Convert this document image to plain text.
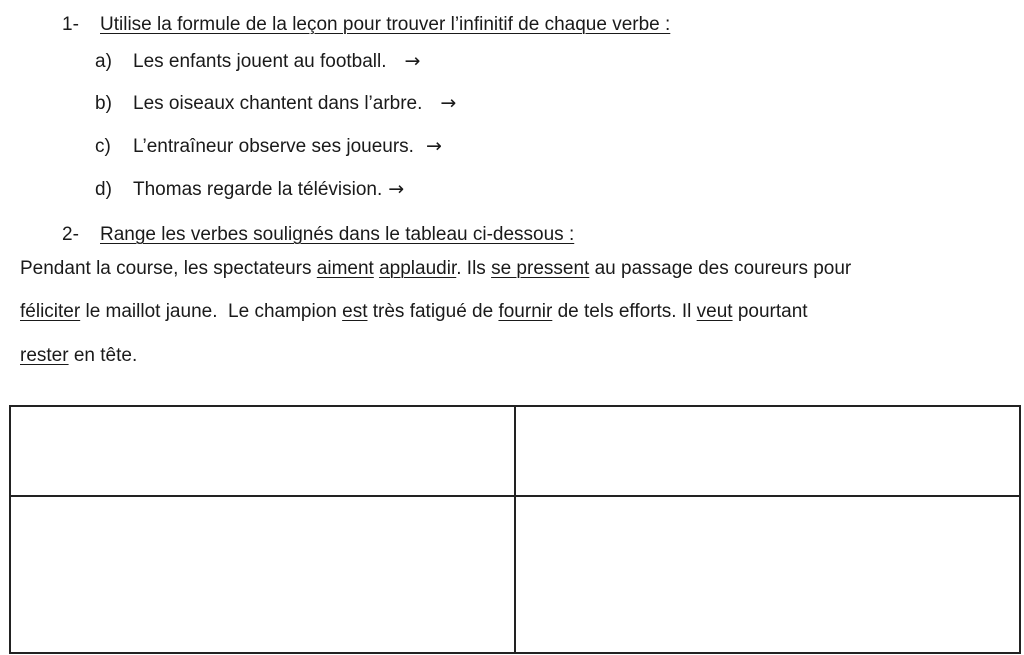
1- Utilise la formule de la leçon pour trouver l’infinitif de chaque verbe :
a) Les enfants jouent au football. →
b) Les oiseaux chantent dans l’arbre. →
c) L’entraîneur observe ses joueurs. →
d) Thomas regarde la télévision. →
2- Range les verbes soulignés dans le tableau ci-dessous :
Pendant la course, les spectateurs aiment applaudir. Ils se pressent au passage des coureurs pour
féliciter le maillot jaune.  Le champion est très fatigué de fournir de tels efforts. Il veut pourtant
rester en tête.
